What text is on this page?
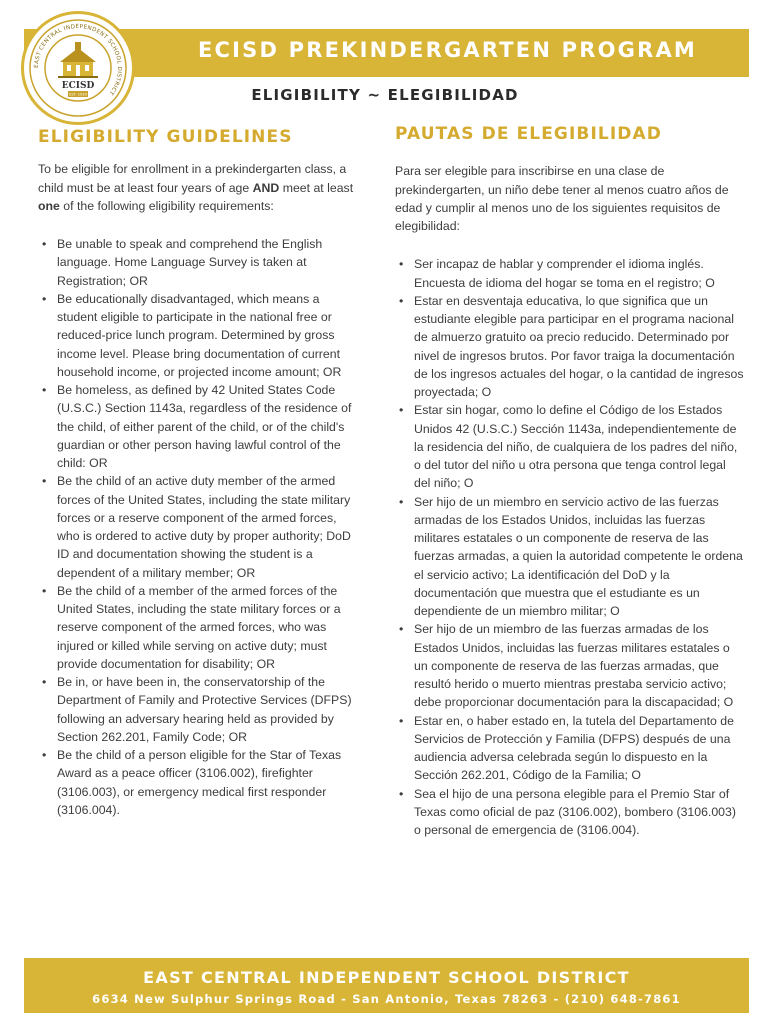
ECISD PREKINDERGARTEN PROGRAM
EAST CENTRAL INDEPENDENT SCHOOL DISTRICT
ECISD
EST. 1939	ELIGIBILITY ~ ELEGIBILIDAD
ELIGIBILITY GUIDELINES

To be eligible for enrollment in a prekindergarten class, a child must be at least four years of age AND meet at least one of the following eligibility requirements:

• Be unable to speak and comprehend the English language. Home Language Survey is taken at Registration; OR
• Be educationally disadvantaged, which means a student eligible to participate in the national free or reduced-price lunch program. Determined by gross income level. Please bring documentation of current household income, or projected income amount; OR
• Be homeless, as defined by 42 United States Code (U.S.C.) Section 1143a, regardless of the residence of the child, of either parent of the child, or of the child's guardian or other person having lawful control of the child: OR
• Be the child of an active duty member of the armed forces of the United States, including the state military forces or a reserve component of the armed forces, who is ordered to active duty by proper authority; DoD ID and documentation showing the student is a dependent of a military member; OR
• Be the child of a member of the armed forces of the United States, including the state military forces or a reserve component of the armed forces, who was injured or killed while serving on active duty; must provide documentation for disability; OR
• Be in, or have been in, the conservatorship of the Department of Family and Protective Services (DFPS) following an adversary hearing held as provided by Section 262.201, Family Code; OR
• Be the child of a person eligible for the Star of Texas Award as a peace officer (3106.002), firefighter (3106.003), or emergency medical first responder (3106.004).
PAUTAS DE ELEGIBILIDAD

Para ser elegible para inscribirse en una clase de prekindergarten, un niño debe tener al menos cuatro años de edad y cumplir al menos uno de los siguientes requisitos de elegibilidad:

• Ser incapaz de hablar y comprender el idioma inglés. Encuesta de idioma del hogar se toma en el registro; O
• Estar en desventaja educativa, lo que significa que un estudiante elegible para participar en el programa nacional de almuerzo gratuito oa precio reducido. Determinado por nivel de ingresos brutos. Por favor traiga la documentación de los ingresos actuales del hogar, o la cantidad de ingresos proyectada; O
• Estar sin hogar, como lo define el Código de los Estados Unidos 42 (U.S.C.) Sección 1143a, independientemente de la residencia del niño, de cualquiera de los padres del niño, o del tutor del niño u otra persona que tenga control legal del niño; O
• Ser hijo de un miembro en servicio activo de las fuerzas armadas de los Estados Unidos, incluidas las fuerzas militares estatales o un componente de reserva de las fuerzas armadas, a quien la autoridad competente le ordena el servicio activo; La identificación del DoD y la documentación que muestra que el estudiante es un dependiente de un miembro militar; O
• Ser hijo de un miembro de las fuerzas armadas de los Estados Unidos, incluidas las fuerzas militares estatales o un componente de reserva de las fuerzas armadas, que resultó herido o muerto mientras prestaba servicio activo; debe proporcionar documentación para la discapacidad; O
• Estar en, o haber estado en, la tutela del Departamento de Servicios de Protección y Familia (DFPS) después de una audiencia adversa celebrada según lo dispuesto en la Sección 262.201, Código de la Familia; O
• Sea el hijo de una persona elegible para el Premio Star of Texas como oficial de paz (3106.002), bombero (3106.003) o personal de emergencia de (3106.004).
EAST CENTRAL INDEPENDENT SCHOOL DISTRICT
6634 New Sulphur Springs Road - San Antonio, Texas 78263 - (210) 648-7861
